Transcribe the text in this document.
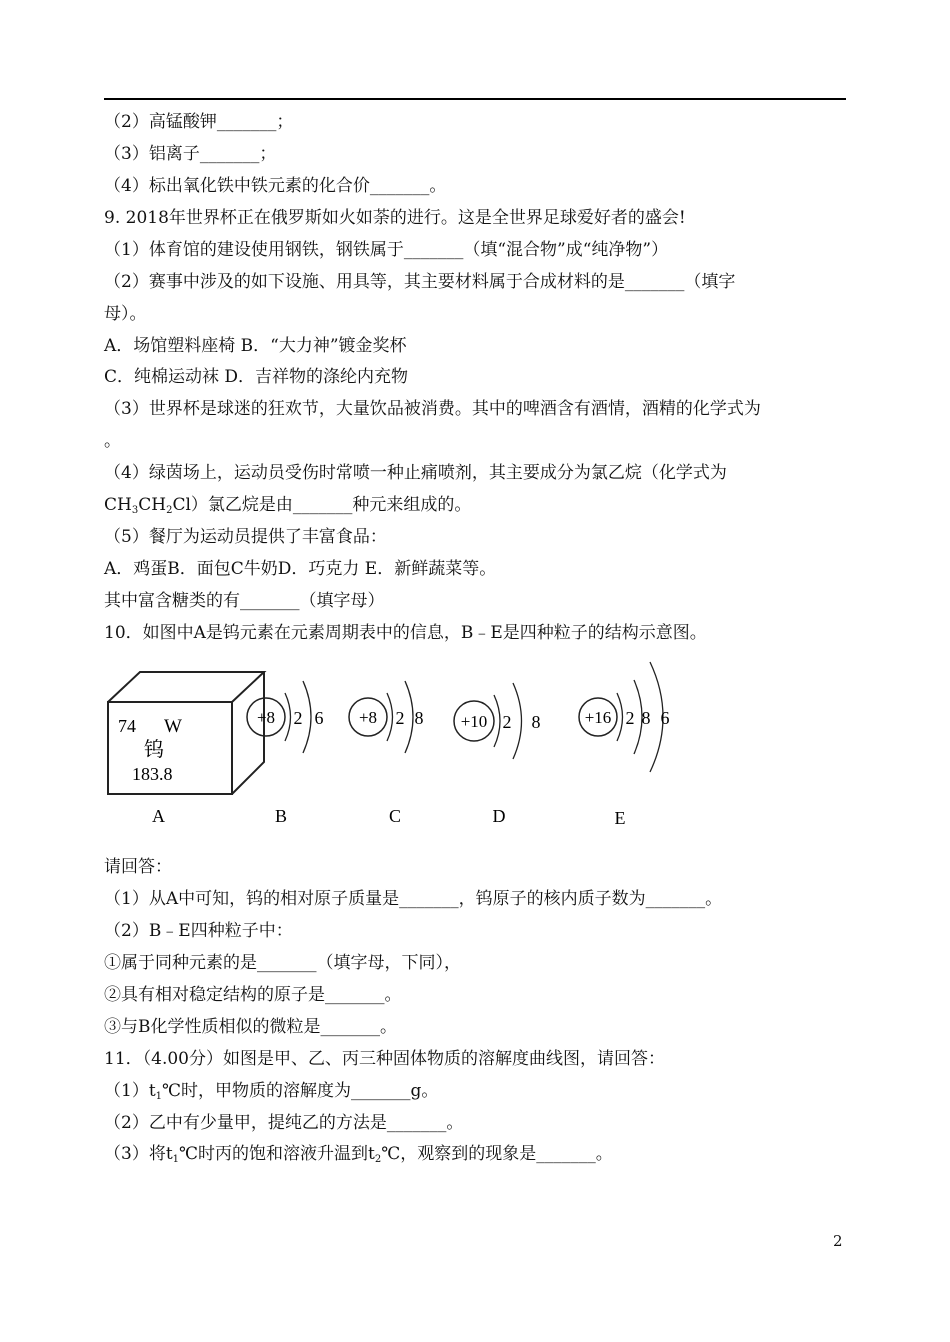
（2）高锰酸钾_______；
（3）铝离子_______；
（4）标出氧化铁中铁元素的化合价_______。
9. 2018年世界杯正在俄罗斯如火如荼的进行。这是全世界足球爱好者的盛会!
（1）体育馆的建设使用钢铁，钢铁属于_______（填“混合物”成“纯净物”）
（2）赛事中涉及的如下设施、用具等，其主要材料属于合成材料的是_______（填字
母）。
A．场馆塑料座椅 B．“大力神”镀金奖杯
C．纯棉运动袜 D．吉祥物的涤纶内充物
（3）世界杯是球迷的狂欢节，大量饮品被消费。其中的啤酒含有酒情，酒精的化学式为
。
（4）绿茵场上，运动员受伤时常喷一种止痛喷剂，其主要成分为氯乙烷（化学式为
$CH_3CH_2Cl$）氯乙烷是由_______种元来组成的。
（5）餐厅为运动员提供了丰富食品：
A．鸡蛋B．面包C牛奶D．巧克力 E．新鲜蔬菜等。
其中富含糖类的有_______（填字母）
10．如图中A是钨元素在元素周期表中的信息，B﹣E是四种粒子的结构示意图。
74 W
钨
183.8
A
+8 2 6
B
+8 2 8
C
+10 2 8
D
+16 2 8 6
E
请回答：
（1）从A中可知，钨的相对原子质量是_______，钨原子的核内质子数为_______。
（2）B﹣E四种粒子中：
①属于同种元素的是_______（填字母，下同），
②具有相对稳定结构的原子是_______。
③与B化学性质相似的微粒是_______。
11．（4.00分）如图是甲、乙、丙三种固体物质的溶解度曲线图，请回答：
$(1)t_1℃$时，甲物质的溶解度为_______g。
（2）乙中有少量甲，提纯乙的方法是_______。
（3）将$t_1℃$时丙的饱和溶液升温到$t_2℃$，观察到的现象是_______。
2
